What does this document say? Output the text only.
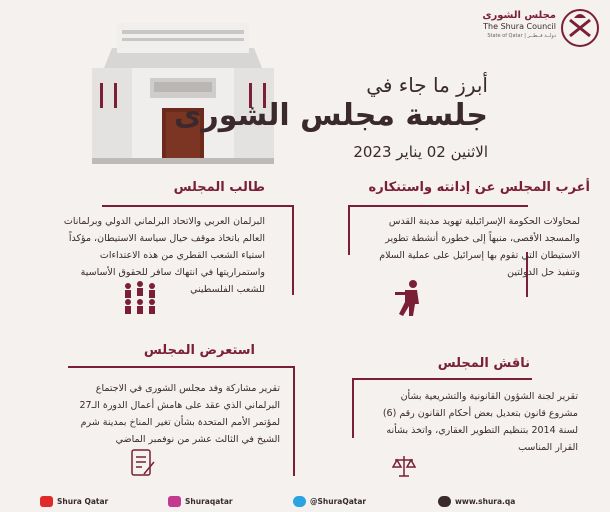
مجلس الشورى
The Shura Council
State of Qatar | دولــة قــطــر
أبرز ما جاء في
جلسة مجلس الشورى
الاثنين 02 يناير 2023
أعرب المجلس عن إدانته واستنكاره
لمحاولات الحكومة الإسرائيلية تهويد مدينة القدس
والمسجد الأقصى، منبهاً إلى خطورة أنشطة تطوير
الاستيطان التي تقوم بها إسرائيل على عملية السلام
وتنفيذ حل الدولتين
طالب المجلس
البرلمان العربي والاتحاد البرلماني الدولي وبرلمانات
العالم باتخاذ موقف حيال سياسة الاستيطان، مؤكداً
استياء الشعب القطري من هذه الاعتداءات
واستمراريتها في انتهاك سافر للحقوق الأساسية
للشعب الفلسطيني
ناقش المجلس
تقرير لجنة الشؤون القانونية والتشريعية بشأن
مشروع قانون بتعديل بعض أحكام القانون رقم (6)
لسنة 2014 بتنظيم التطوير العقاري، واتخذ بشأنه
القرار المناسب
استعرض المجلس
تقرير مشاركة وفد مجلس الشورى في الاجتماع
البرلماني الذي عقد على هامش أعمال الدورة الـ27
لمؤتمر الأمم المتحدة بشأن تغير المناخ بمدينة شرم
الشيخ في الثالث عشر من نوفمبر الماضي
Shura Qatar	Shuraqatar	@ShuraQatar	www.shura.qa
